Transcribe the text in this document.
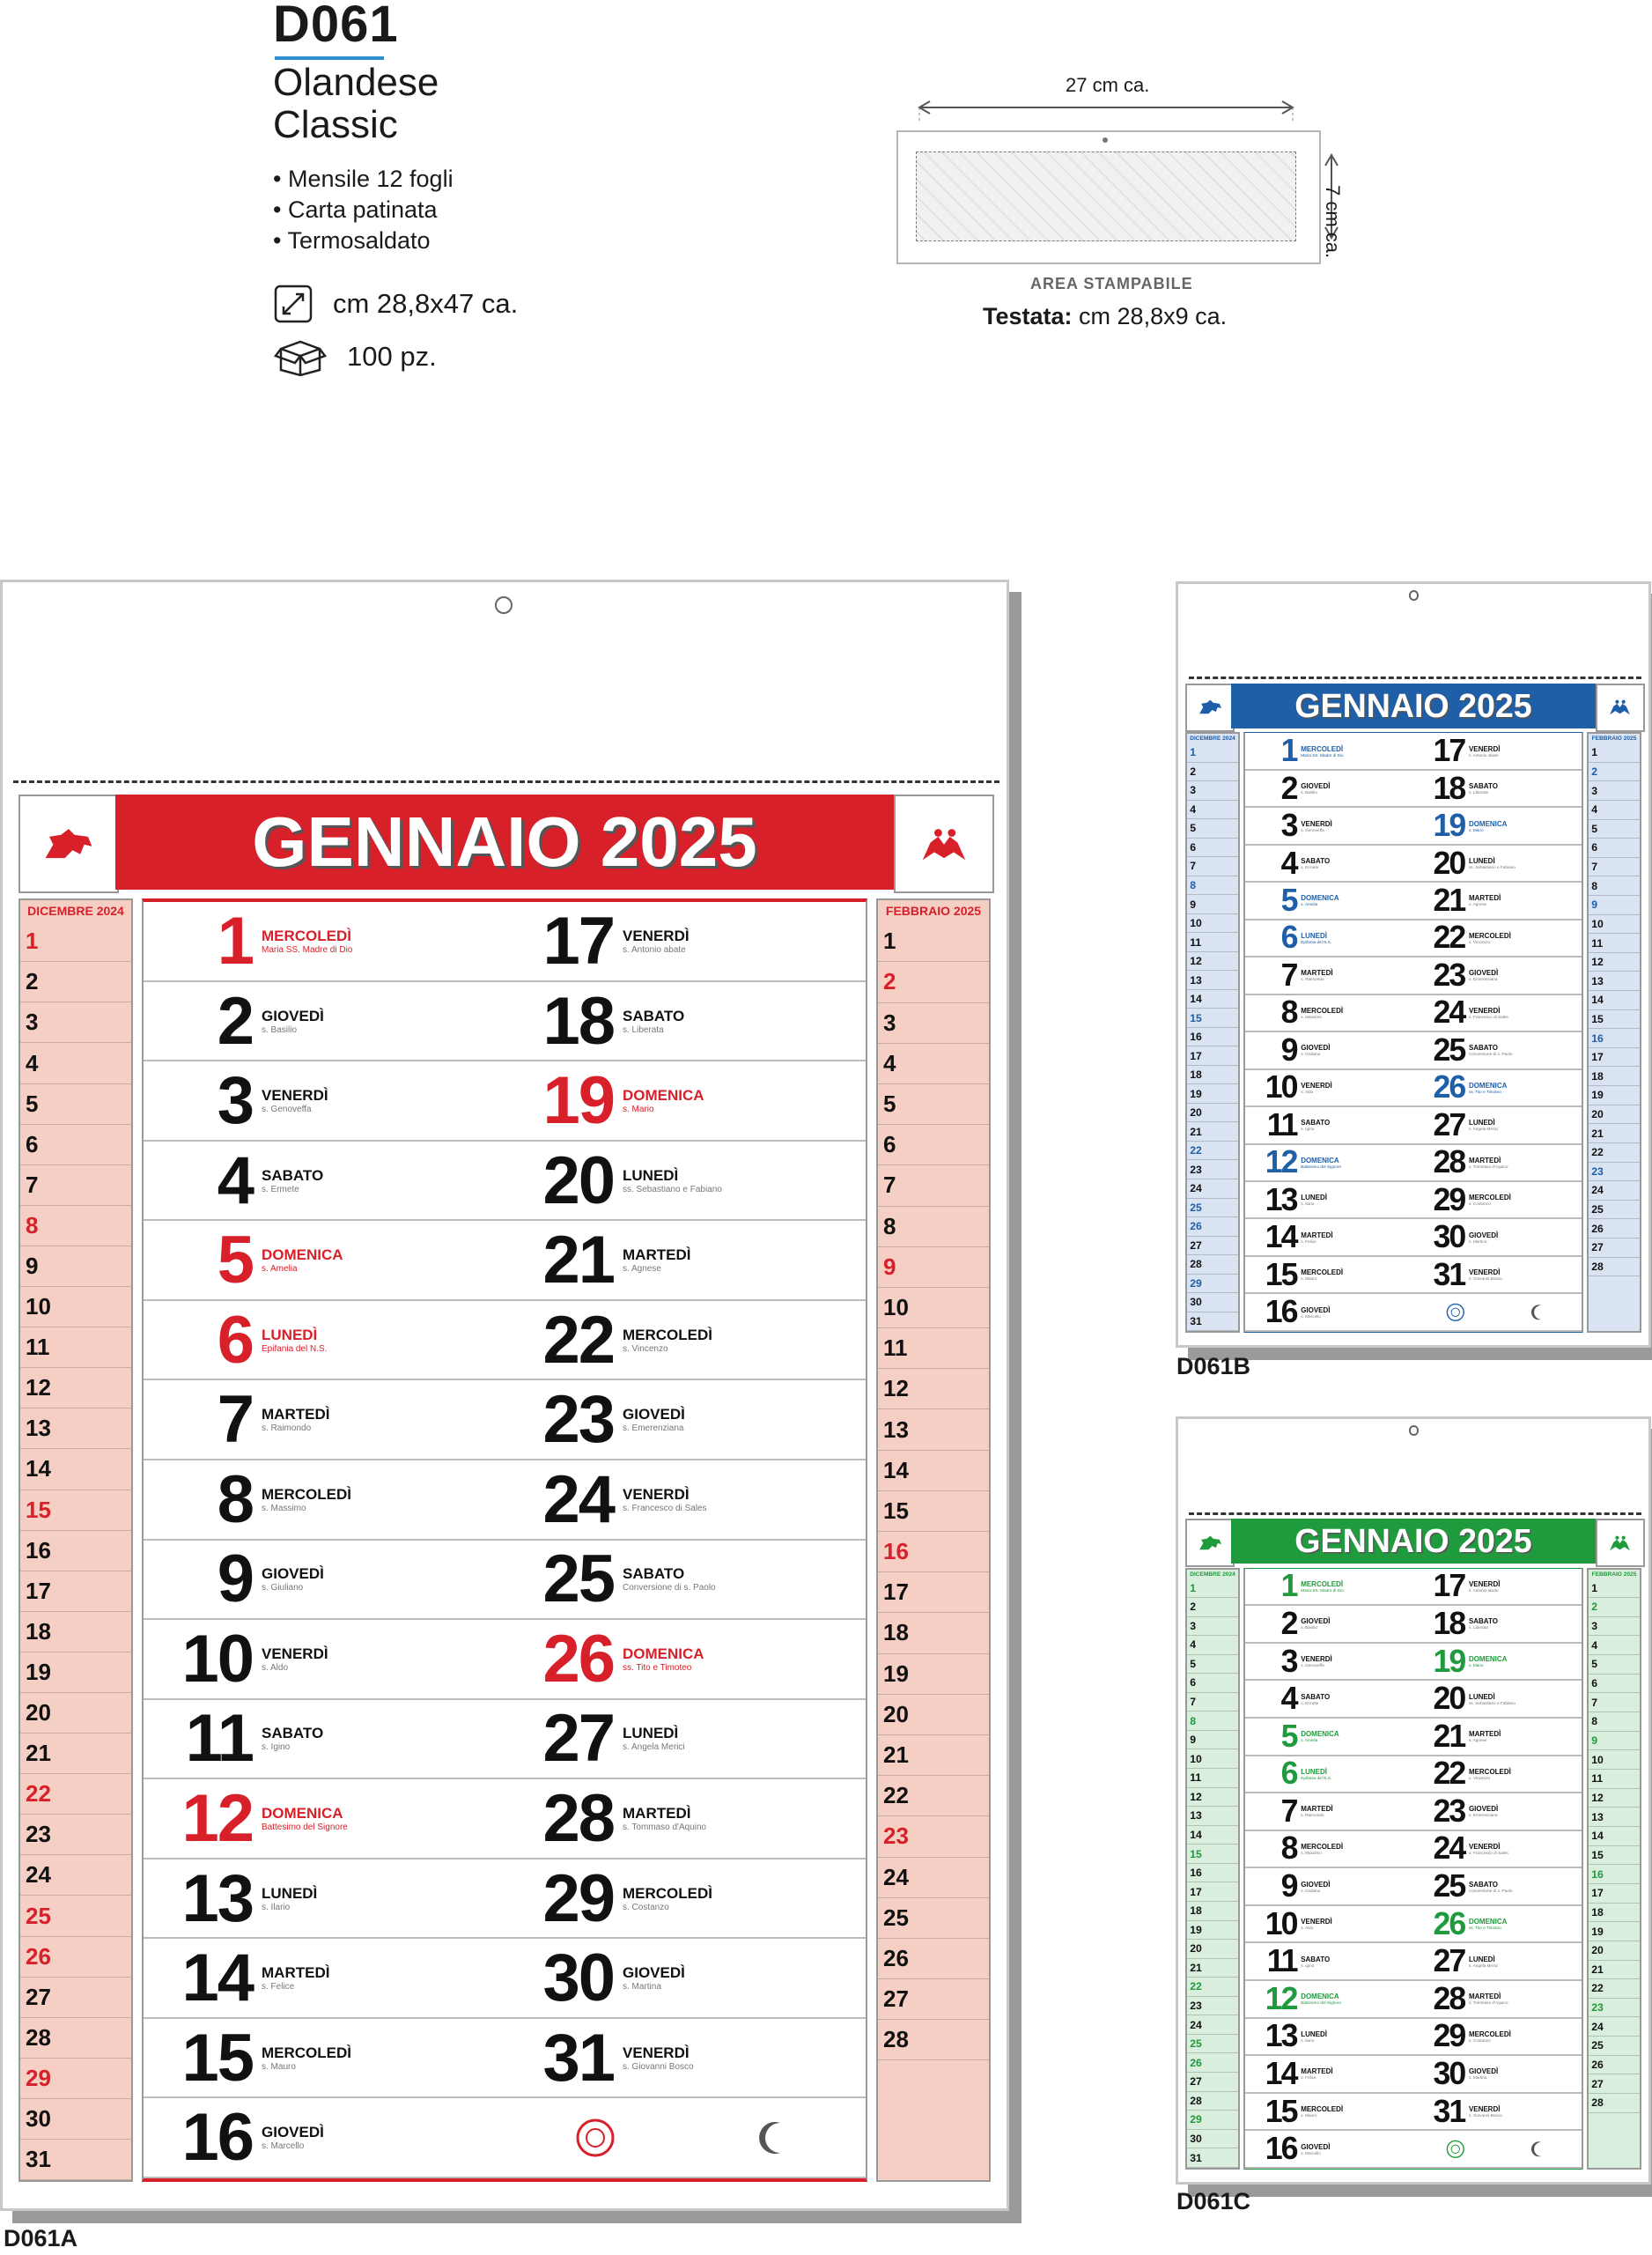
D061
Olandese
Classic
• Mensile 12 fogli
• Carta patinata
• Termosaldato
cm 28,8x47 ca.
100 pz.
27 cm ca.
7 cm ca.
AREA STAMPABILE
Testata: cm 28,8x9 ca.
GENNAIO 2025
DICEMBRE 2024
1
2
3
4
5
6
7
8
9
10
11
12
13
14
15
16
17
18
19
20
21
22
23
24
25
26
27
28
29
30
31
FEBBRAIO 2025
1
2
3
4
5
6
7
8
9
10
11
12
13
14
15
16
17
18
19
20
21
22
23
24
25
26
27
28
1 MERCOLEDÌ
Maria SS. Madre di Dio
2 GIOVEDÌ
s. Basilio
3 VENERDÌ
s. Genoveffa
4 SABATO
s. Ermete
5 DOMENICA
s. Amelia
6 LUNEDÌ
Epifania del N.S.
7 MARTEDÌ
s. Raimondo
8 MERCOLEDÌ
s. Massimo
9 GIOVEDÌ
s. Giuliano
10 VENERDÌ
s. Aldo
11 SABATO
s. Igino
12 DOMENICA
Battesimo del Signore
13 LUNEDÌ
s. Ilario
14 MARTEDÌ
s. Felice
15 MERCOLEDÌ
s. Mauro
16 GIOVEDÌ
s. Marcello
17 VENERDÌ
s. Antonio abate
18 SABATO
s. Liberata
19 DOMENICA
s. Mario
20 LUNEDÌ
ss. Sebastiano e Fabiano
21 MARTEDÌ
s. Agnese
22 MERCOLEDÌ
s. Vincenzo
23 GIOVEDÌ
s. Emerenziana
24 VENERDÌ
s. Francesco di Sales
25 SABATO
Conversione di s. Paolo
26 DOMENICA
ss. Tito e Timoteo
27 LUNEDÌ
s. Angela Merici
28 MARTEDÌ
s. Tommaso d'Aquino
29 MERCOLEDÌ
s. Costanzo
30 GIOVEDÌ
s. Martina
31 VENERDÌ
s. Giovanni Bosco
D061A
GENNAIO 2025
DICEMBRE 2024
1
2
3
4
5
6
7
8
9
10
11
12
13
14
15
16
17
18
19
20
21
22
23
24
25
26
27
28
29
30
31
FEBBRAIO 2025
1
2
3
4
5
6
7
8
9
10
11
12
13
14
15
16
17
18
19
20
21
22
23
24
25
26
27
28
1 MERCOLEDÌ
Maria SS. Madre di Dio
2 GIOVEDÌ
s. Basilio
3 VENERDÌ
s. Genoveffa
4 SABATO
s. Ermete
5 DOMENICA
s. Amelia
6 LUNEDÌ
Epifania del N.S.
7 MARTEDÌ
s. Raimondo
8 MERCOLEDÌ
s. Massimo
9 GIOVEDÌ
s. Giuliano
10 VENERDÌ
s. Aldo
11 SABATO
s. Igino
12 DOMENICA
Battesimo del Signore
13 LUNEDÌ
s. Ilario
14 MARTEDÌ
s. Felice
15 MERCOLEDÌ
s. Mauro
16 GIOVEDÌ
s. Marcello
17 VENERDÌ
s. Antonio abate
18 SABATO
s. Liberata
19 DOMENICA
s. Mario
20 LUNEDÌ
ss. Sebastiano e Fabiano
21 MARTEDÌ
s. Agnese
22 MERCOLEDÌ
s. Vincenzo
23 GIOVEDÌ
s. Emerenziana
24 VENERDÌ
s. Francesco di Sales
25 SABATO
Conversione di s. Paolo
26 DOMENICA
ss. Tito e Timoteo
27 LUNEDÌ
s. Angela Merici
28 MARTEDÌ
s. Tommaso d'Aquino
29 MERCOLEDÌ
s. Costanzo
30 GIOVEDÌ
s. Martina
31 VENERDÌ
s. Giovanni Bosco
D061B
GENNAIO 2025
DICEMBRE 2024
1
2
3
4
5
6
7
8
9
10
11
12
13
14
15
16
17
18
19
20
21
22
23
24
25
26
27
28
29
30
31
FEBBRAIO 2025
1
2
3
4
5
6
7
8
9
10
11
12
13
14
15
16
17
18
19
20
21
22
23
24
25
26
27
28
1 MERCOLEDÌ
Maria SS. Madre di Dio
2 GIOVEDÌ
s. Basilio
3 VENERDÌ
s. Genoveffa
4 SABATO
s. Ermete
5 DOMENICA
s. Amelia
6 LUNEDÌ
Epifania del N.S.
7 MARTEDÌ
s. Raimondo
8 MERCOLEDÌ
s. Massimo
9 GIOVEDÌ
s. Giuliano
10 VENERDÌ
s. Aldo
11 SABATO
s. Igino
12 DOMENICA
Battesimo del Signore
13 LUNEDÌ
s. Ilario
14 MARTEDÌ
s. Felice
15 MERCOLEDÌ
s. Mauro
16 GIOVEDÌ
s. Marcello
17 VENERDÌ
s. Antonio abate
18 SABATO
s. Liberata
19 DOMENICA
s. Mario
20 LUNEDÌ
ss. Sebastiano e Fabiano
21 MARTEDÌ
s. Agnese
22 MERCOLEDÌ
s. Vincenzo
23 GIOVEDÌ
s. Emerenziana
24 VENERDÌ
s. Francesco di Sales
25 SABATO
Conversione di s. Paolo
26 DOMENICA
ss. Tito e Timoteo
27 LUNEDÌ
s. Angela Merici
28 MARTEDÌ
s. Tommaso d'Aquino
29 MERCOLEDÌ
s. Costanzo
30 GIOVEDÌ
s. Martina
31 VENERDÌ
s. Giovanni Bosco
D061C
